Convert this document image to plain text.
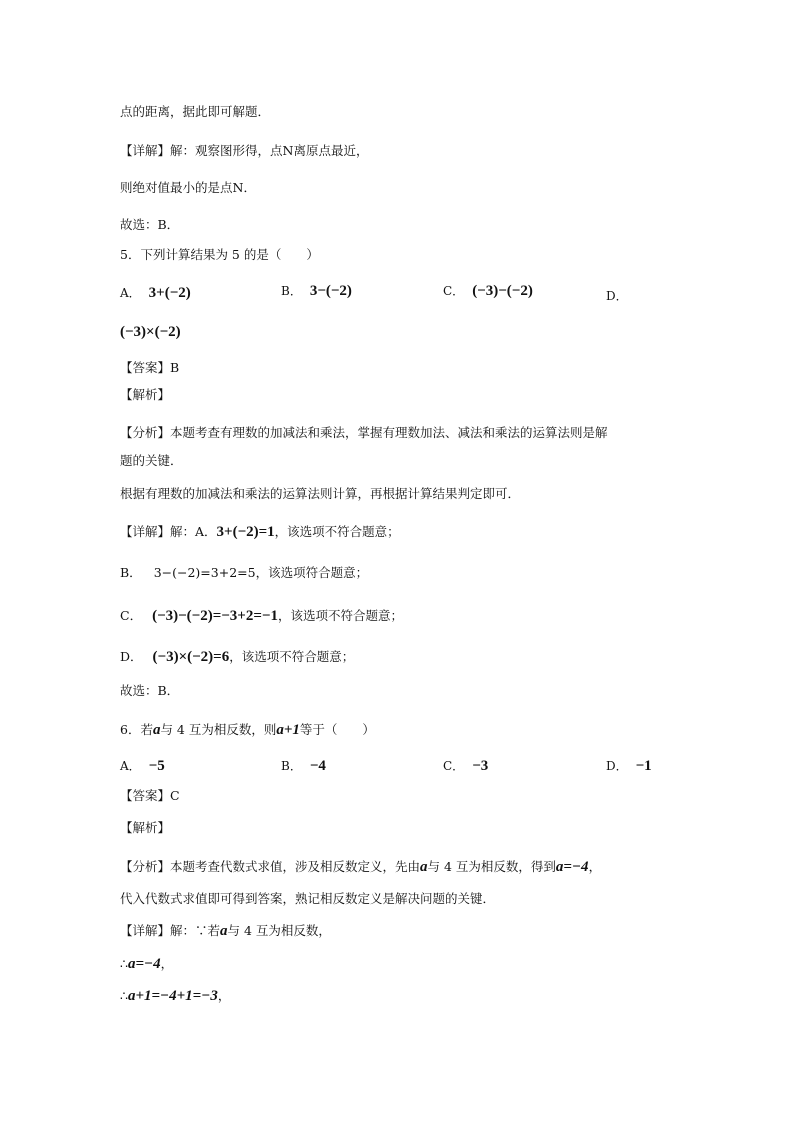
点的距离，据此即可解题．
【详解】解：观察图形得，点N离原点最近，
则绝对值最小的是点N．
故选：B．
5．下列计算结果为 5 的是（　　）
A． 3+(−2)	B． 3−(−2)	C． (−3)−(−2)	D．
(−3)×(−2)
【答案】B
【解析】
【分析】本题考查有理数的加减法和乘法，掌握有理数加法、减法和乘法的运算法则是解
题的关键．
根据有理数的加减法和乘法的运算法则计算，再根据计算结果判定即可．
【详解】解：A．3+(−2)=1，该选项不符合题意；
B． 3−(−2)=3+2=5，该选项符合题意；
C． (−3)−(−2)=−3+2=−1，该选项不符合题意；
D． (−3)×(−2)=6，该选项不符合题意；
故选：B．
6．若a与 4 互为相反数，则a+1等于（　　）
A． −5	B． −4	C． −3	D． −1
【答案】C
【解析】
【分析】本题考查代数式求值，涉及相反数定义，先由a与 4 互为相反数，得到a=−4，
代入代数式求值即可得到答案，熟记相反数定义是解决问题的关键．
【详解】解：∵若a与 4 互为相反数，
∴a=−4，
∴a+1=−4+1=−3，
